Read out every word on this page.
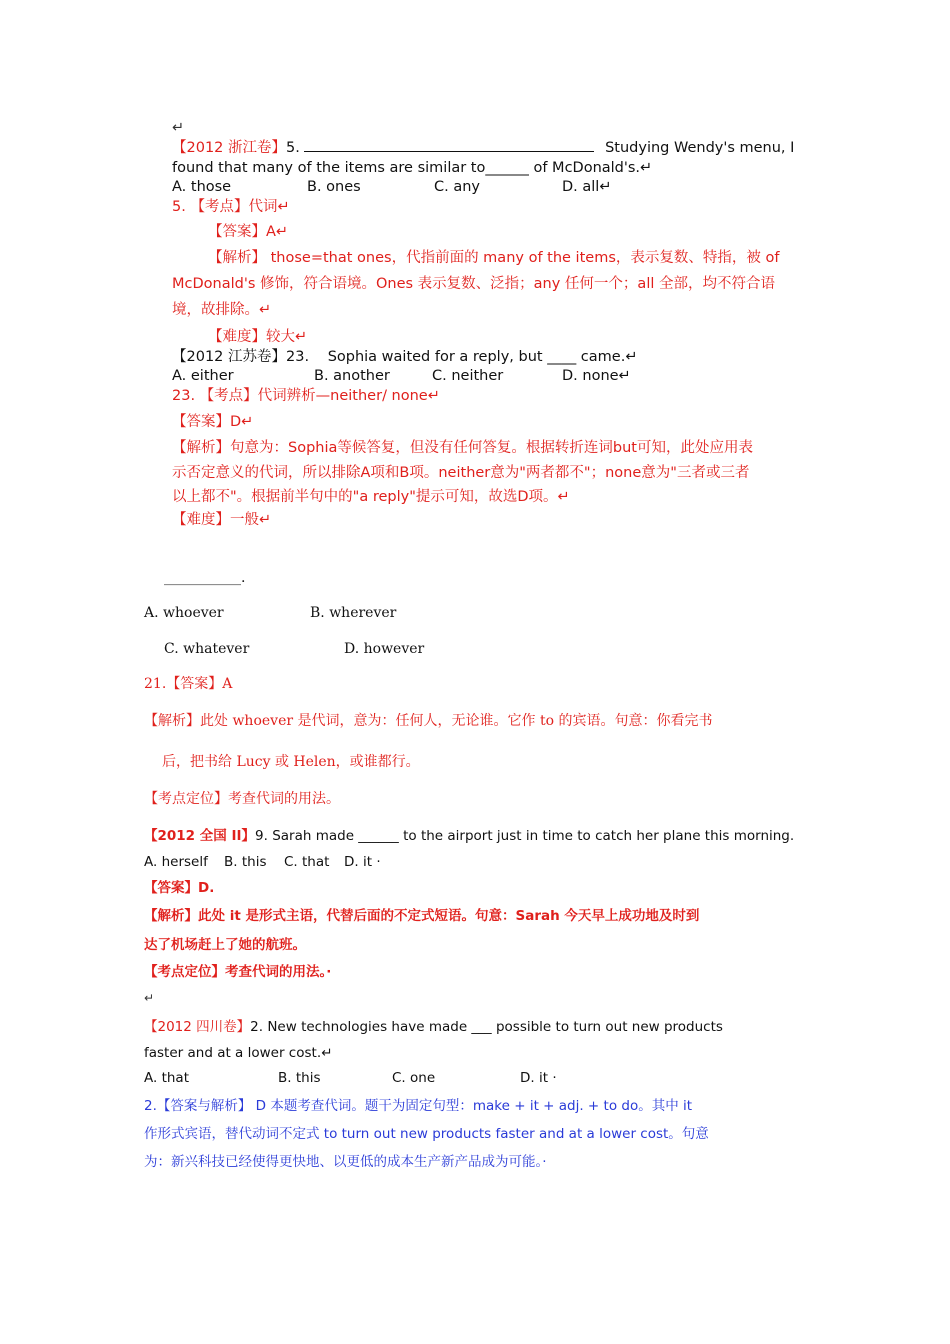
↵
【2012 浙江卷】5.	Studying Wendy's menu, I
found that many of the items are similar to______ of McDonald's.↵
A. those	B. ones	C. any	D. all↵
5. 【考点】代词↵
【答案】A↵
【解析】 those=that ones，代指前面的 many of the items，表示复数、特指，被 of
McDonald's 修饰，符合语境。Ones 表示复数、泛指；any 任何一个；all 全部，均不符合语
境，故排除。↵
【难度】较大↵
【2012 江苏卷】23. Sophia waited for a reply, but ____ came.↵
A. either	B. another	C. neither	D. none↵
23. 【考点】代词辨析—neither/ none↵
【答案】D↵
【解析】句意为：Sophia等候答复，但没有任何答复。根据转折连词but可知，此处应用表
示否定意义的代词，所以排除A项和B项。neither意为"两者都不"；none意为"三者或三者
以上都不"。根据前半句中的"a reply"提示可知，故选D项。↵
【难度】一般↵
___________.
A. whoever	B. wherever
C. whatever	D. however
21.【答案】A
【解析】此处 whoever 是代词，意为：任何人，无论谁。它作 to 的宾语。句意：你看完书
后，把书给 Lucy 或 Helen，或谁都行。
【考点定位】考查代词的用法。
【2012 全国 II】9. Sarah made ______ to the airport just in time to catch her plane this morning.
A. herself B. this C. that D. it ·
【答案】D.
【解析】此处 it 是形式主语，代替后面的不定式短语。句意：Sarah 今天早上成功地及时到
达了机场赶上了她的航班。
【考点定位】考查代词的用法。·
↵
【2012 四川卷】2. New technologies have made ___ possible to turn out new products
faster and at a lower cost.↵
A. that	B. this	C. one	D. it ·
2.【答案与解析】 D 本题考查代词。题干为固定句型：make + it + adj. + to do。其中 it
作形式宾语，替代动词不定式 to turn out new products faster and at a lower cost。句意
为：新兴科技已经使得更快地、以更低的成本生产新产品成为可能。·
